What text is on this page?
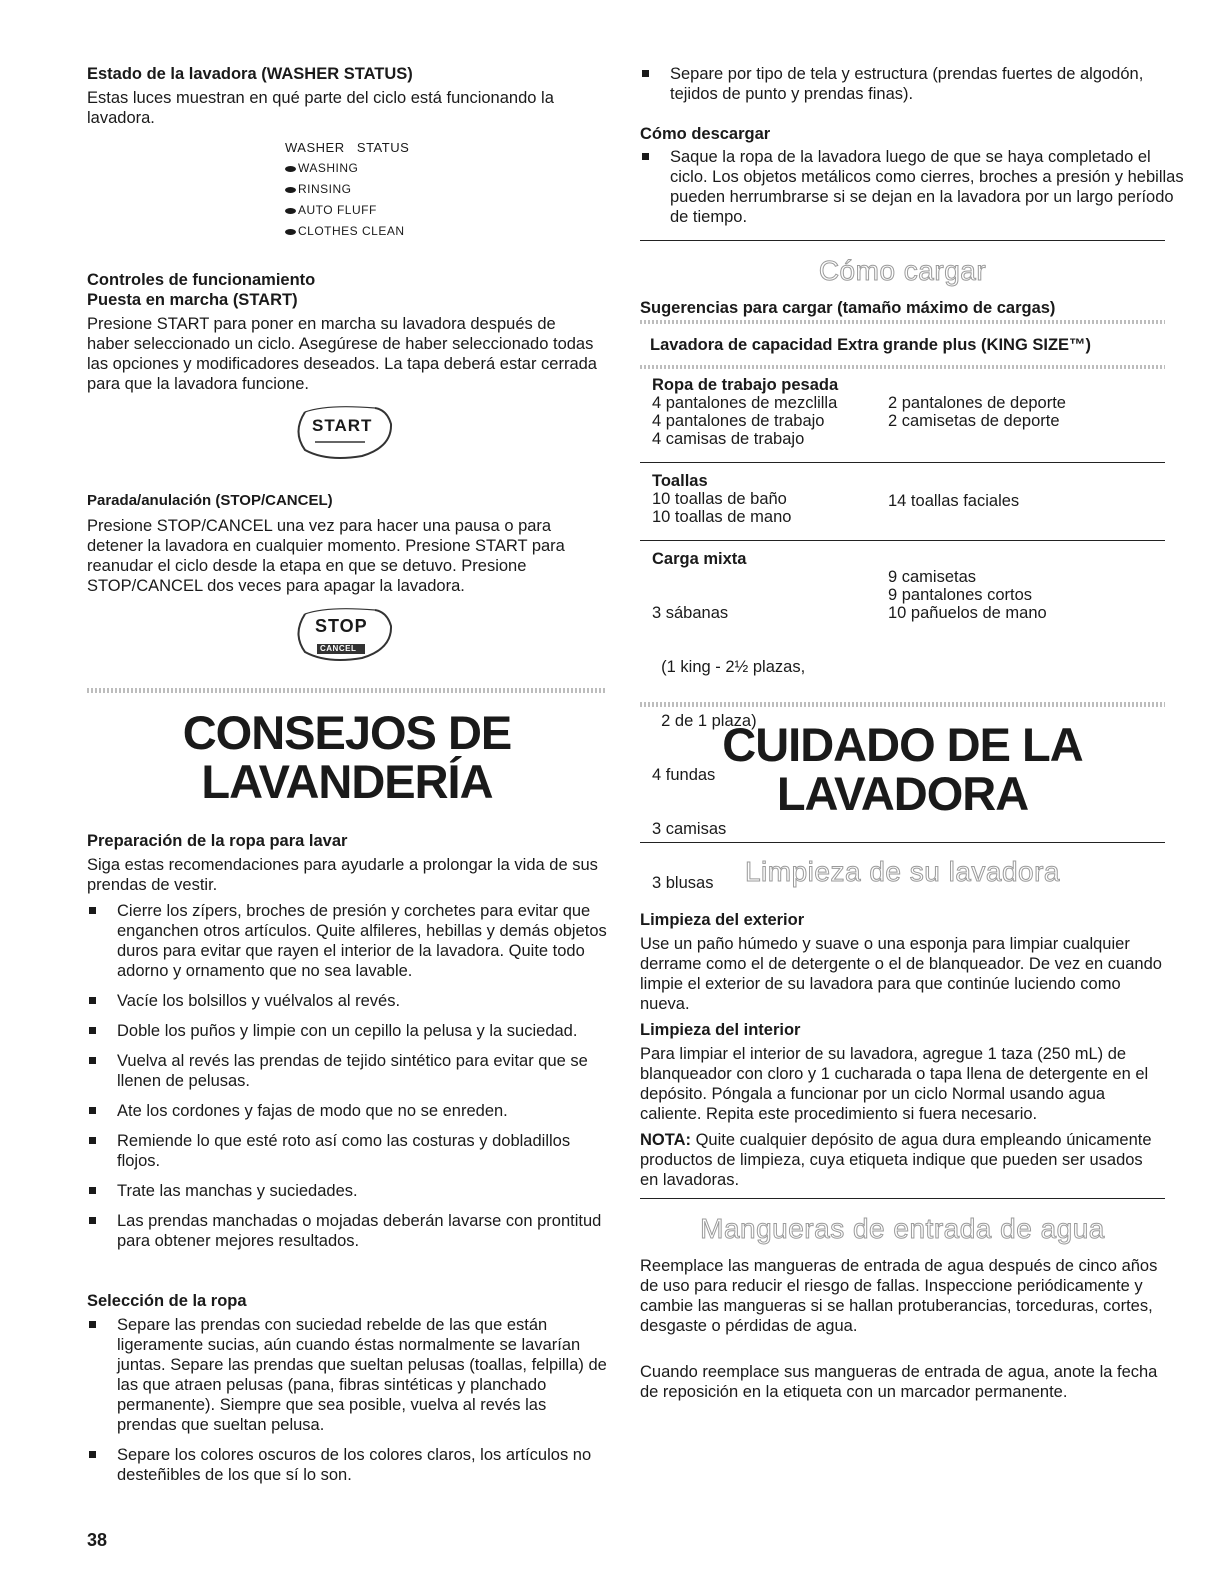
Estado de la lavadora (WASHER STATUS)

Estas luces muestran en qué parte del ciclo está funcionando la lavadora.

WASHER   STATUS
WASHING
RINSING
AUTO FLUFF
CLOTHES CLEAN

Controles de funcionamiento

Puesta en marcha (START)

Presione START para poner en marcha su lavadora después de haber seleccionado un ciclo. Asegúrese de haber seleccionado todas las opciones y modificadores deseados. La tapa deberá estar cerrada para que la lavadora funcione.

START

Parada/anulación (STOP/CANCEL)

Presione STOP/CANCEL una vez para hacer una pausa o para detener la lavadora en cualquier momento. Presione START para reanudar el ciclo desde la etapa en que se detuvo. Presione STOP/CANCEL dos veces para apagar la lavadora.

STOP
CANCEL
CONSEJOS DE
LAVANDERÍA

Preparación de la ropa para lavar

Siga estas recomendaciones para ayudarle a prolongar la vida de sus prendas de vestir.

Cierre los zípers, broches de presión y corchetes para evitar que enganchen otros artículos. Quite alfileres, hebillas y demás objetos duros para evitar que rayen el interior de la lavadora. Quite todo adorno y ornamento que no sea lavable.
Vacíe los bolsillos y vuélvalos al revés.
Doble los puños y limpie con un cepillo la pelusa y la suciedad.
Vuelva al revés las prendas de tejido sintético para evitar que se llenen de pelusas.
Ate los cordones y fajas de modo que no se enreden.
Remiende lo que esté roto así como las costuras y dobladillos flojos.
Trate las manchas y suciedades.
Las prendas manchadas o mojadas deberán lavarse con prontitud para obtener mejores resultados.

Selección de la ropa

Separe las prendas con suciedad rebelde de las que están ligeramente sucias, aún cuando éstas normalmente se lavarían juntas. Separe las prendas que sueltan pelusas (toallas, felpilla) de las que atraen pelusas (pana, fibras sintéticas y planchado permanente). Siempre que sea posible, vuelva al revés las prendas que sueltan pelusa.
Separe los colores oscuros de los colores claros, los artículos no desteñibles de los que sí lo son.

38

Separe por tipo de tela y estructura (prendas fuertes de algodón, tejidos de punto y prendas finas).

Cómo descargar

Saque la ropa de la lavadora luego de que se haya completado el ciclo. Los objetos metálicos como cierres, broches a presión y hebillas pueden herrumbrarse si se dejan en la lavadora por un largo período de tiempo.
Cómo cargar

Sugerencias para cargar (tamaño máximo de cargas)

Lavadora de capacidad Extra grande plus (KING SIZE™)

Ropa de trabajo pesada
4 pantalones de mezclilla
4 pantalones de trabajo
4 camisas de trabajo
2 pantalones de deporte
2 camisetas de deporte
Toallas
10 toallas de baño
10 toallas de mano
14 toallas faciales
Carga mixta

3 sábanas

(1 king - 2½ plazas,

2 de 1 plaza)

4 fundas

3 camisas

3 blusas

9 camisetas
9 pantalones cortos
10 pañuelos de mano
CUIDADO DE LA
LAVADORA
Limpieza de su lavadora

Limpieza del exterior

Use un paño húmedo y suave o una esponja para limpiar cualquier derrame como el de detergente o el de blanqueador. De vez en cuando limpie el exterior de su lavadora para que continúe luciendo como nueva.

Limpieza del interior

Para limpiar el interior de su lavadora, agregue 1 taza (250 mL) de blanqueador con cloro y 1 cucharada o tapa llena de detergente en el depósito. Póngala a funcionar por un ciclo Normal usando agua caliente. Repita este procedimiento si fuera necesario.

NOTA: Quite cualquier depósito de agua dura empleando únicamente productos de limpieza, cuya etiqueta indique que pueden ser usados en lavadoras.

Mangueras de entrada de agua

Reemplace las mangueras de entrada de agua después de cinco años de uso para reducir el riesgo de fallas. Inspeccione periódicamente y cambie las mangueras si se hallan protuberancias, torceduras, cortes, desgaste o pérdidas de agua.

Cuando reemplace sus mangueras de entrada de agua, anote la fecha de reposición en la etiqueta con un marcador permanente.
